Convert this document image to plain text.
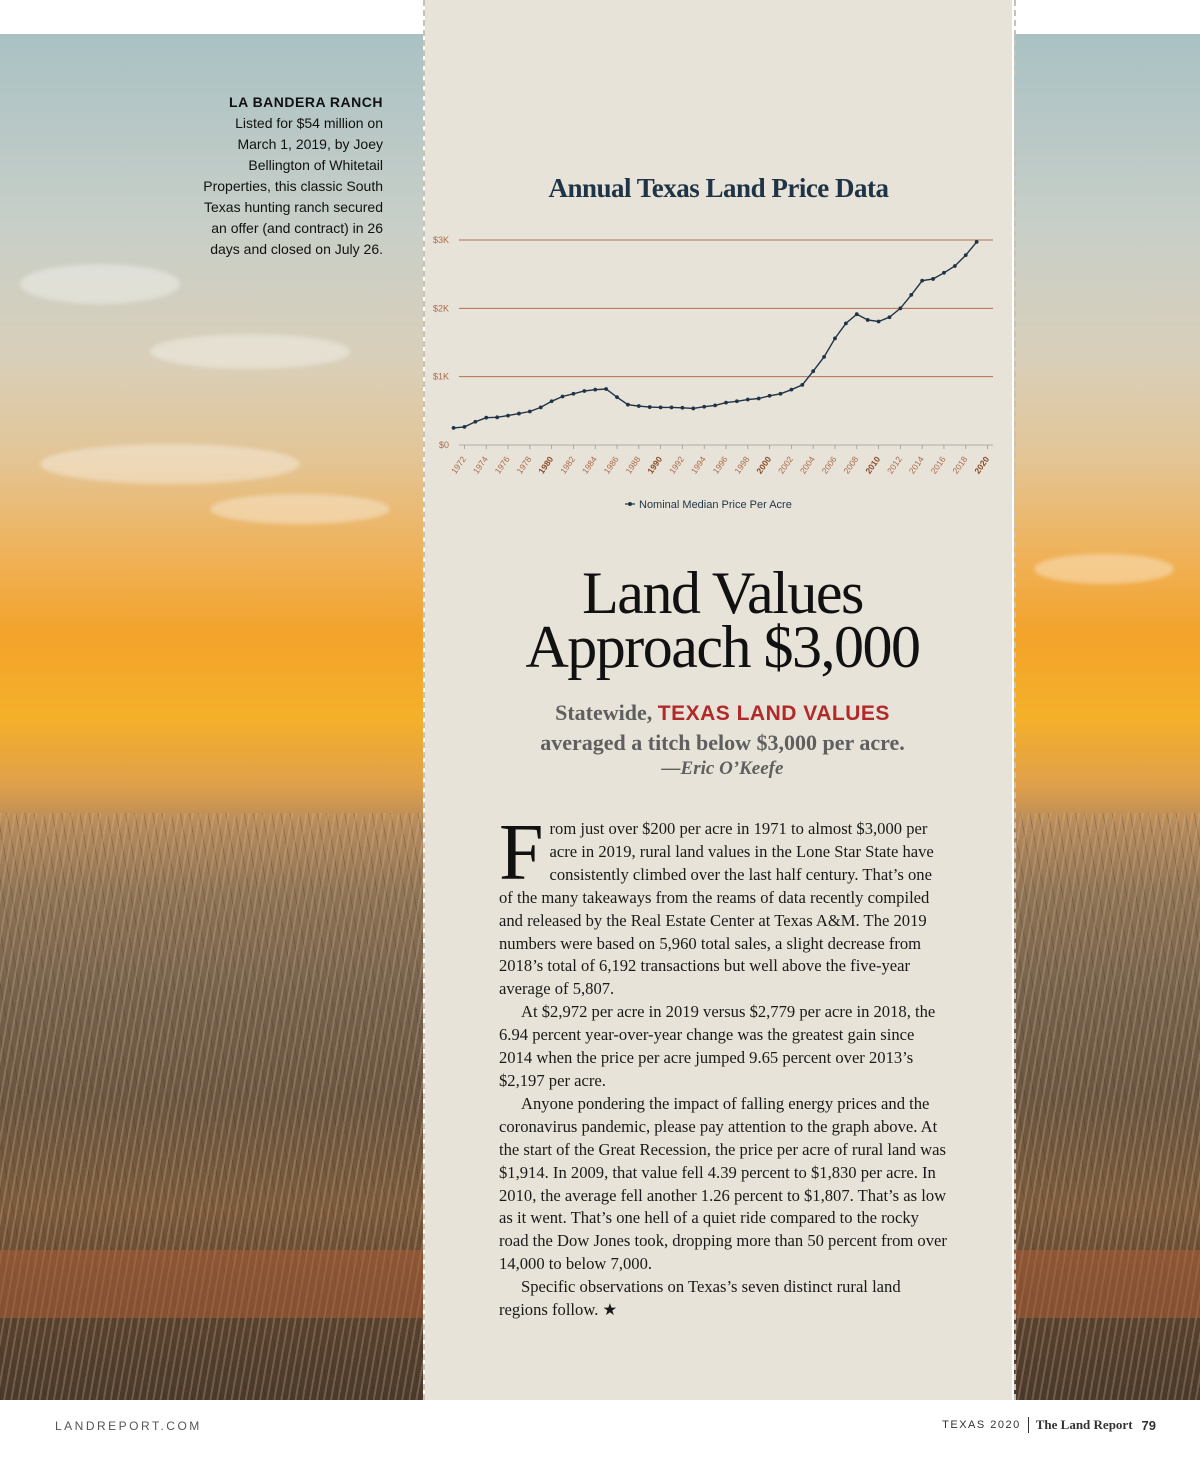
LA BANDERA RANCH
Listed for $54 million on March 1, 2019, by Joey Bellington of Whitetail Properties, this classic South Texas hunting ranch secured an offer (and contract) in 26 days and closed on July 26.
Annual Texas Land Price Data
$0
$1K
$2K
$3K
1972 1974 1976 1978 1980 1982 1984 1986 1988 1990 1992 1994 1996 1998 2000 2002 2004 2006 2008 2010 2012 2014 2016 2018 2020
Nominal Median Price Per Acre
Land Values
Approach $3,000
Statewide, TEXAS LAND VALUES
averaged a titch below $3,000 per acre.
—Eric O’Keefe

From just over $200 per acre in 1971 to almost $3,000 per acre in 2019, rural land values in the Lone Star State have consistently climbed over the last half century. That’s one of the many takeaways from the reams of data recently compiled and released by the Real Estate Center at Texas A&M. The 2019 numbers were based on 5,960 total sales, a slight decrease from 2018’s total of 6,192 transactions but well above the five-year average of 5,807.

At $2,972 per acre in 2019 versus $2,779 per acre in 2018, the 6.94 percent year-over-year change was the greatest gain since 2014 when the price per acre jumped 9.65 percent over 2013’s $2,197 per acre.

Anyone pondering the impact of falling energy prices and the coronavirus pandemic, please pay attention to the graph above. At the start of the Great Recession, the price per acre of rural land was $1,914. In 2009, that value fell 4.39 percent to $1,830 per acre. In 2010, the average fell another 1.26 percent to $1,807. That’s as low as it went. That’s one hell of a quiet ride compared to the rocky road the Dow Jones took, dropping more than 50 percent from over 14,000 to below 7,000.

Specific observations on Texas’s seven distinct rural land regions follow. ★

LANDREPORT.COM	TEXAS 2020 The Land Report 79
